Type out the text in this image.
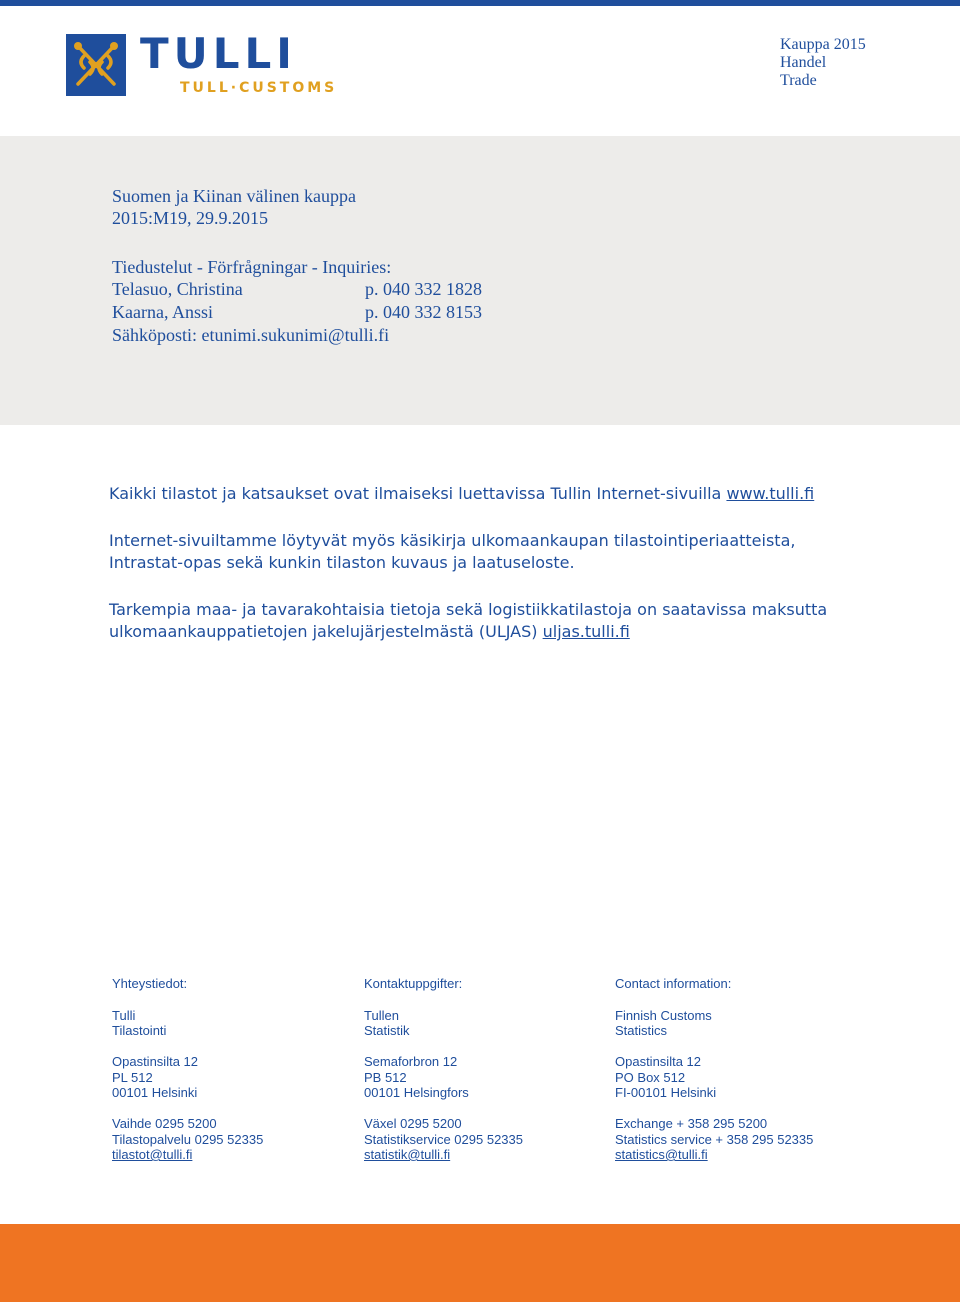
TULLI
TULL·CUSTOMS
Kauppa 2015
Handel
Trade
Suomen ja Kiinan välinen kauppa
2015:M19, 29.9.2015
Tiedustelut - Förfrågningar - Inquiries:
Telasuo, Christina	p. 040 332 1828
Kaarna, Anssi	p. 040 332 8153
Sähköposti: etunimi.sukunimi@tulli.fi
Kaikki tilastot ja katsaukset ovat ilmaiseksi luettavissa Tullin Internet-sivuilla www.tulli.fi
Internet-sivuiltamme löytyvät myös käsikirja ulkomaankaupan tilastointiperiaatteista,
Intrastat-opas sekä kunkin tilaston kuvaus ja laatuseloste.
Tarkempia maa- ja tavarakohtaisia tietoja sekä logistiikkatilastoja on saatavissa maksutta
ulkomaankauppatietojen jakelujärjestelmästä (ULJAS) uljas.tulli.fi
Yhteystiedot:
Tulli
Tilastointi
Opastinsilta 12
PL 512
00101 Helsinki
Vaihde 0295 5200
Tilastopalvelu 0295 52335
tilastot@tulli.fi
Kontaktuppgifter:
Tullen
Statistik
Semaforbron 12
PB 512
00101 Helsingfors
Växel 0295 5200
Statistikservice 0295 52335
statistik@tulli.fi
Contact information:
Finnish Customs
Statistics
Opastinsilta 12
PO Box 512
FI-00101 Helsinki
Exchange + 358 295 5200
Statistics service + 358 295 52335
statistics@tulli.fi
